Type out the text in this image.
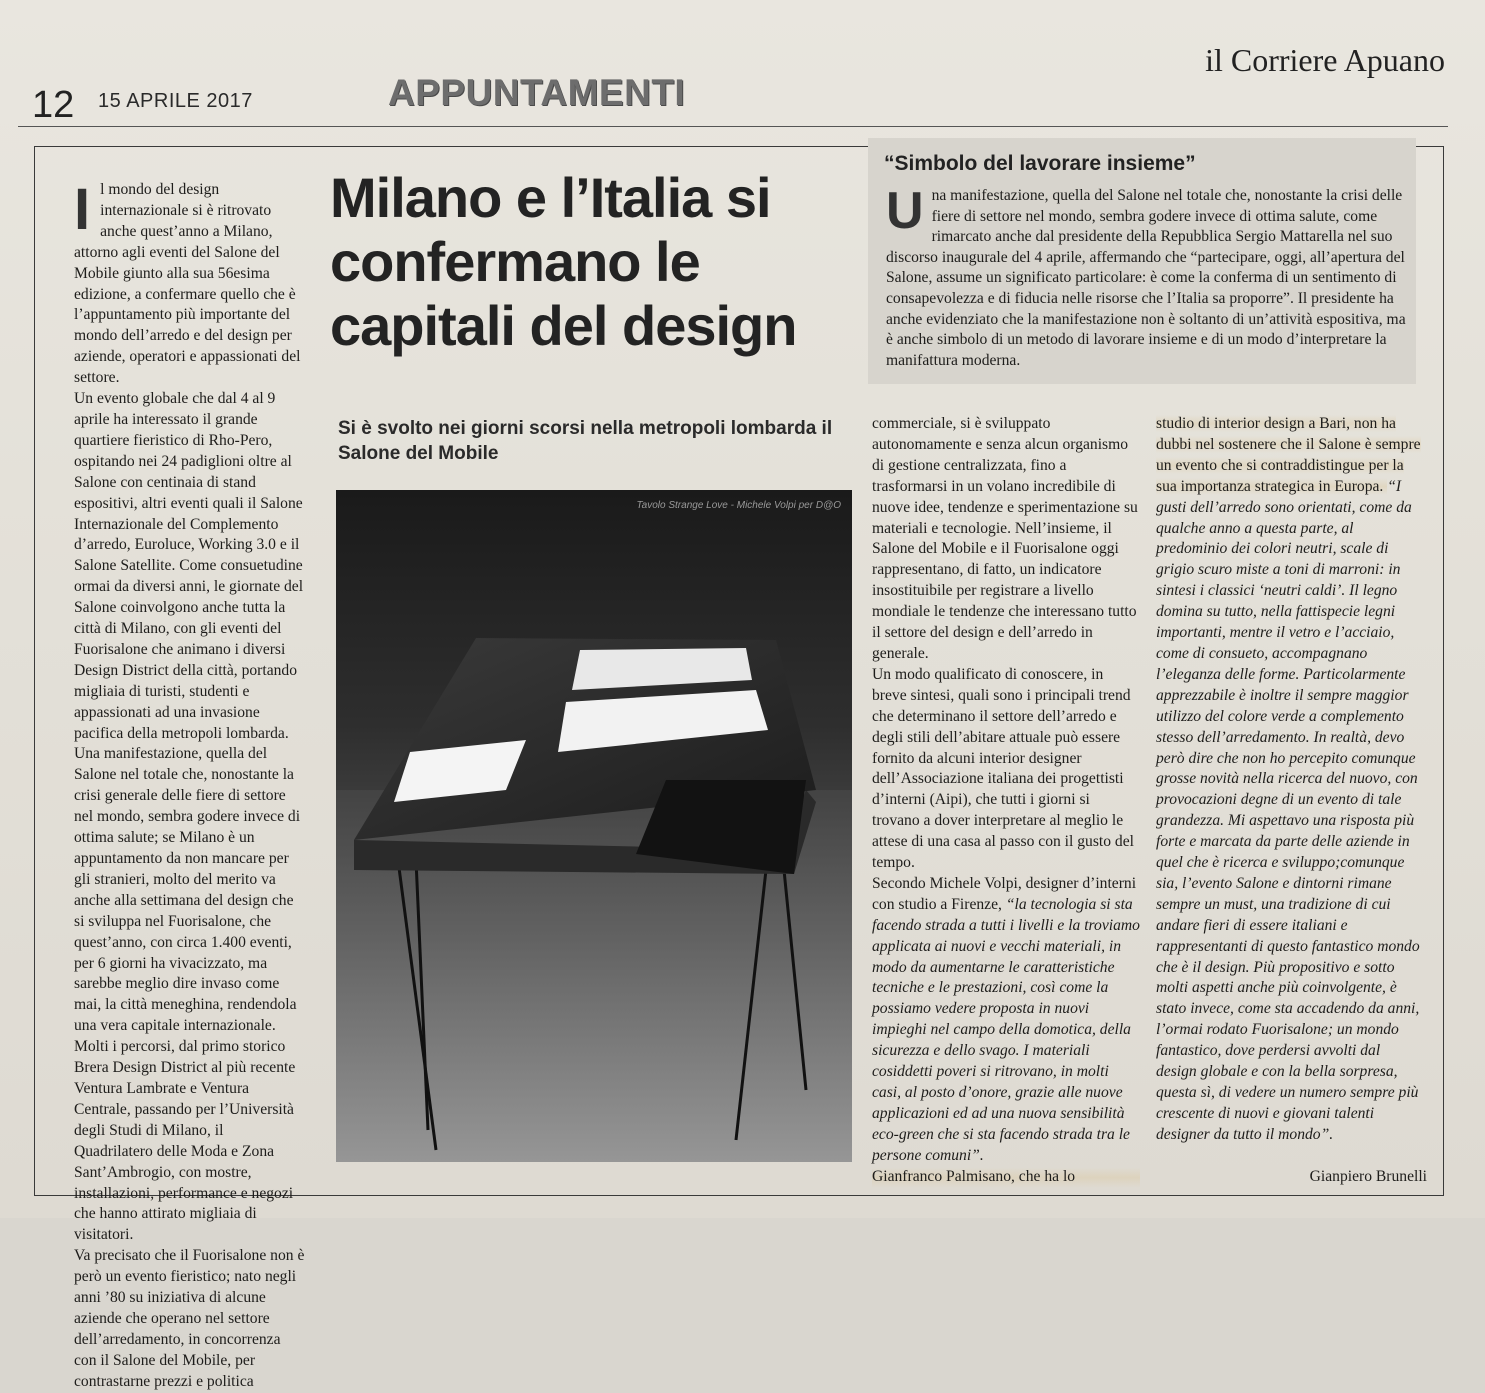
12 15 APRILE 2017	APPUNTAMENTI
il Corriere Apuano
I l mondo del design internazionale si è ritrovato anche quest’anno a Milano, attorno agli eventi del Salone del Mobile giunto alla sua 56esima edizione, a confermare quello che è l’appuntamento più importante del mondo dell’arredo e del design per aziende, operatori e appassionati del settore.

Un evento globale che dal 4 al 9 aprile ha interessato il grande quartiere fieristico di Rho-Pero, ospitando nei 24 padiglioni oltre al Salone con centinaia di stand espositivi, altri eventi quali il Salone Internazionale del Complemento d’arredo, Euroluce, Working 3.0 e il Salone Satellite. Come consuetudine ormai da diversi anni, le giornate del Salone coinvolgono anche tutta la città di Milano, con gli eventi del Fuorisalone che animano i diversi Design District della città, portando migliaia di turisti, studenti e appassionati ad una invasione pacifica della metropoli lombarda.

Una manifestazione, quella del Salone nel totale che, nonostante la crisi generale delle fiere di settore nel mondo, sembra godere invece di ottima salute; se Milano è un appuntamento da non mancare per gli stranieri, molto del merito va anche alla settimana del design che si sviluppa nel Fuorisalone, che quest’anno, con circa 1.400 eventi, per 6 giorni ha vivacizzato, ma sarebbe meglio dire invaso come mai, la città meneghina, rendendola una vera capitale internazionale. Molti i percorsi, dal primo storico Brera Design District al più recente Ventura Lambrate e Ventura Centrale, passando per l’Università degli Studi di Milano, il Quadrilatero delle Moda e Zona Sant’Ambrogio, con mostre, installazioni, performance e negozi che hanno attirato migliaia di visitatori.

Va precisato che il Fuorisalone non è però un evento fieristico; nato negli anni ’80 su iniziativa di alcune aziende che operano nel settore dell’arredamento, in concorrenza con il Salone del Mobile, per contrastarne prezzi e politica

Milano e l’Italia si confermano le capitali del design
Si è svolto nei giorni scorsi nella metropoli lombarda il Salone del Mobile
Tavolo Strange Love - Michele Volpi per D@O
“Simbolo del lavorare insieme”
U na manifestazione, quella del Salone nel totale che, nonostante la crisi delle fiere di settore nel mondo, sembra godere invece di ottima salute, come rimarcato anche dal presidente della Repubblica Sergio Mattarella nel suo discorso inaugurale del 4 aprile, affermando che “partecipare, oggi, all’apertura del Salone, assume un significato particolare: è come la conferma di un sentimento di consapevolezza e di fiducia nelle risorse che l’Italia sa proporre”. Il presidente ha anche evidenziato che la manifestazione non è soltanto di un’attività espositiva, ma è anche simbolo di un metodo di lavorare insieme e di un modo d’interpretare la manifattura moderna.

commerciale, si è sviluppato autonomamente e senza alcun organismo di gestione centralizzata, fino a trasformarsi in un volano incredibile di nuove idee, tendenze e sperimentazione su materiali e tecnologie. Nell’insieme, il Salone del Mobile e il Fuorisalone oggi rappresentano, di fatto, un indicatore insostituibile per registrare a livello mondiale le tendenze che interessano tutto il settore del design e dell’arredo in generale.

Un modo qualificato di conoscere, in breve sintesi, quali sono i principali trend che determinano il settore dell’arredo e degli stili dell’abitare attuale può essere fornito da alcuni interior designer dell’Associazione italiana dei progettisti d’interni (Aipi), che tutti i giorni si trovano a dover interpretare al meglio le attese di una casa al passo con il gusto del tempo.

Secondo Michele Volpi, designer d’interni con studio a Firenze, “la tecnologia si sta facendo strada a tutti i livelli e la troviamo applicata ai nuovi e vecchi materiali, in modo da aumentarne le caratteristiche tecniche e le prestazioni, così come la possiamo vedere proposta in nuovi impieghi nel campo della domotica, della sicurezza e dello svago. I materiali cosiddetti poveri si ritrovano, in molti casi, al posto d’onore, grazie alle nuove applicazioni ed ad una nuova sensibilità eco-green che si sta facendo strada tra le persone comuni”.

Gianfranco Palmisano, che ha lo

studio di interior design a Bari, non ha dubbi nel sostenere che il Salone è sempre un evento che si contraddistingue per la sua importanza strategica in Europa. “I gusti dell’arredo sono orientati, come da qualche anno a questa parte, al predominio dei colori neutri, scale di grigio scuro miste a toni di marroni: in sintesi i classici ‘neutri caldi’. Il legno domina su tutto, nella fattispecie legni importanti, mentre il vetro e l’acciaio, come di consueto, accompagnano l’eleganza delle forme. Particolarmente apprezzabile è inoltre il sempre maggior utilizzo del colore verde a complemento stesso dell’arredamento. In realtà, devo però dire che non ho percepito comunque grosse novità nella ricerca del nuovo, con provocazioni degne di un evento di tale grandezza. Mi aspettavo una risposta più forte e marcata da parte delle aziende in quel che è ricerca e sviluppo;comunque sia, l’evento Salone e dintorni rimane sempre un must, una tradizione di cui andare fieri di essere italiani e rappresentanti di questo fantastico mondo che è il design. Più propositivo e sotto molti aspetti anche più coinvolgente, è stato invece, come sta accadendo da anni, l’ormai rodato Fuorisalone; un mondo fantastico, dove perdersi avvolti dal design globale e con la bella sorpresa, questa sì, di vedere un numero sempre più crescente di nuovi e giovani talenti designer da tutto il mondo”.

Gianpiero Brunelli
